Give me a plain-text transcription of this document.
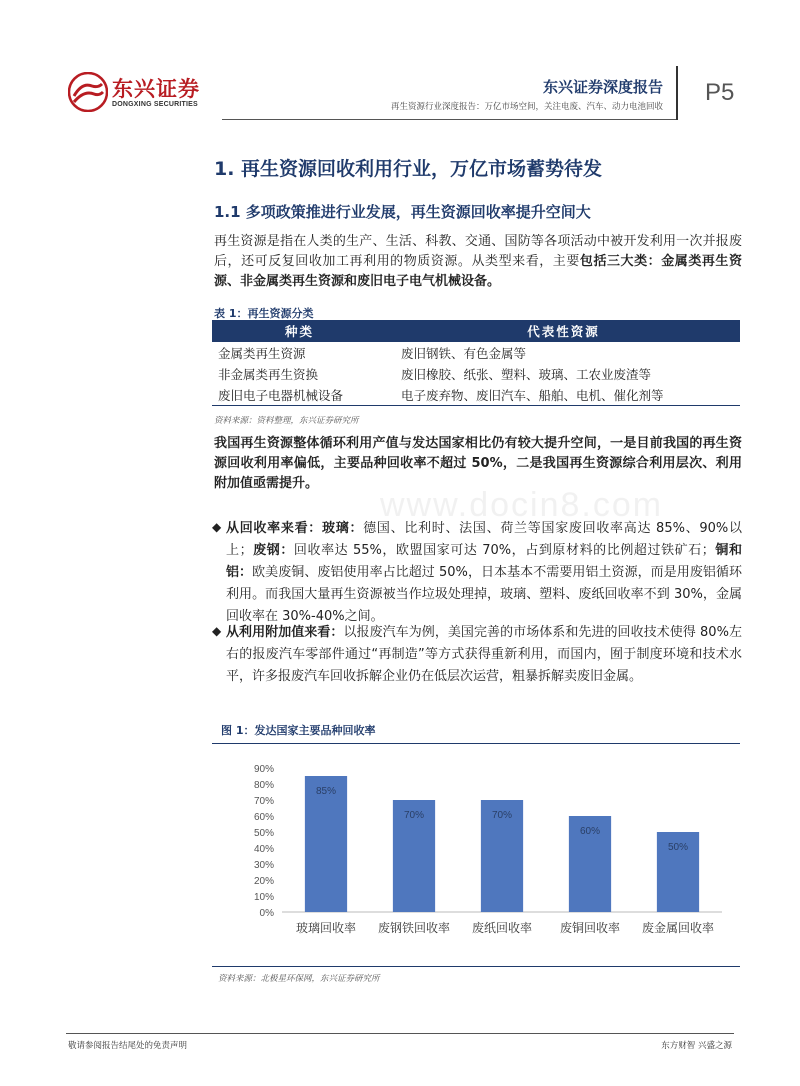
东兴证券
DONGXING SECURITIES
东兴证券深度报告
再生资源行业深度报告：万亿市场空间，关注电废、汽车、动力电池回收
P5
www.docin8.com
1. 再生资源回收利用行业，万亿市场蓄势待发
1.1 多项政策推进行业发展，再生资源回收率提升空间大
再生资源是指在人类的生产、生活、科教、交通、国防等各项活动中被开发利用一次并报废后，还可反复回收加工再利用的物质资源。从类型来看，主要包括三大类：金属类再生资源、非金属类再生资源和废旧电子电气机械设备。
表 1：再生资源分类
种类	代表性资源
金属类再生资源	废旧钢铁、有色金属等
非金属类再生资换	废旧橡胶、纸张、塑料、玻璃、工农业废渣等
废旧电子电器机械设备	电子废弃物、废旧汽车、船舶、电机、催化剂等
资料来源：资料整理，东兴证券研究所
我国再生资源整体循环利用产值与发达国家相比仍有较大提升空间，一是目前我国的再生资源回收利用率偏低，主要品种回收率不超过 50%，二是我国再生资源综合利用层次、利用附加值亟需提升。
◆ 从回收率来看：玻璃：德国、比利时、法国、荷兰等国家废回收率高达 85%、90%以上；废钢：回收率达 55%，欧盟国家可达 70%，占到原材料的比例超过铁矿石；铜和铝：欧美废铜、废铝使用率占比超过 50%，日本基本不需要用铝土资源，而是用废铝循环利用。而我国大量再生资源被当作垃圾处理掉，玻璃、塑料、废纸回收率不到 30%，金属回收率在 30%-40%之间。
◆ 从利用附加值来看：以报废汽车为例，美国完善的市场体系和先进的回收技术使得 80%左右的报废汽车零部件通过“再制造”等方式获得重新利用，而国内，囿于制度环境和技术水平，许多报废汽车回收拆解企业仍在低层次运营，粗暴拆解卖废旧金属。
图 1：发达国家主要品种回收率
0%
10%
20%
30%
40%
50%
60%
70%
80%
90%
85%
玻璃回收率
70%
废钢铁回收率
70%
废纸回收率
60%
废铜回收率
50%
废金属回收率
资料来源：北极星环保网，东兴证券研究所
敬请参阅报告结尾处的免责声明	东方财智 兴盛之源
